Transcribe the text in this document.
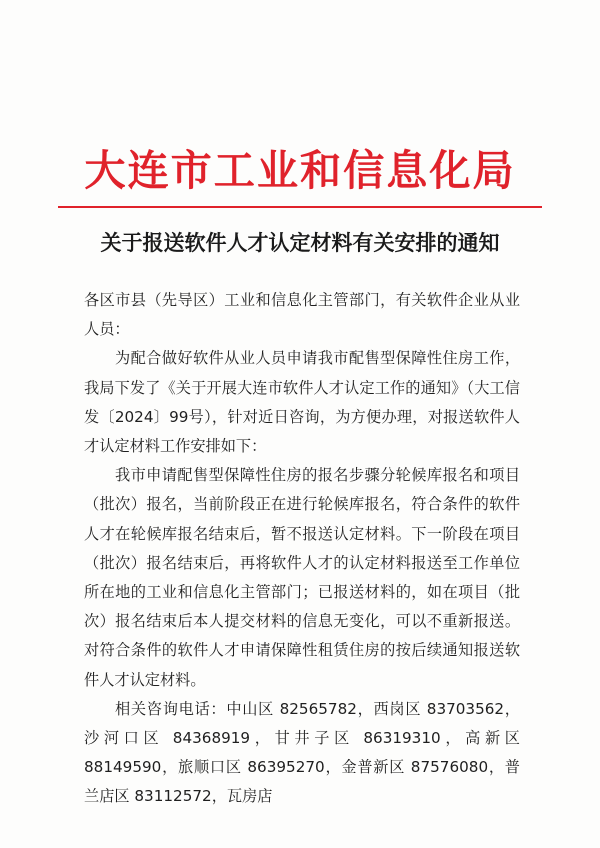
大连市工业和信息化局
关于报送软件人才认定材料有关安排的通知

各区市县（先导区）工业和信息化主管部门，有关软件企业从业人员：

为配合做好软件从业人员申请我市配售型保障性住房工作，我局下发了《关于开展大连市软件人才认定工作的通知》（大工信发〔2024〕99号），针对近日咨询，为方便办理，对报送软件人才认定材料工作安排如下：

我市申请配售型保障性住房的报名步骤分轮候库报名和项目（批次）报名，当前阶段正在进行轮候库报名，符合条件的软件人才在轮候库报名结束后，暂不报送认定材料。下一阶段在项目（批次）报名结束后，再将软件人才的认定材料报送至工作单位所在地的工业和信息化主管部门；已报送材料的，如在项目（批次）报名结束后本人提交材料的信息无变化，可以不重新报送。对符合条件的软件人才申请保障性租赁住房的按后续通知报送软件人才认定材料。

相关咨询电话：中山区 82565782，西岗区 83703562，沙河口区 84368919，甘井子区 86319310，高新区 88149590，旅顺口区 86395270，金普新区 87576080，普兰店区 83112572，瓦房店
